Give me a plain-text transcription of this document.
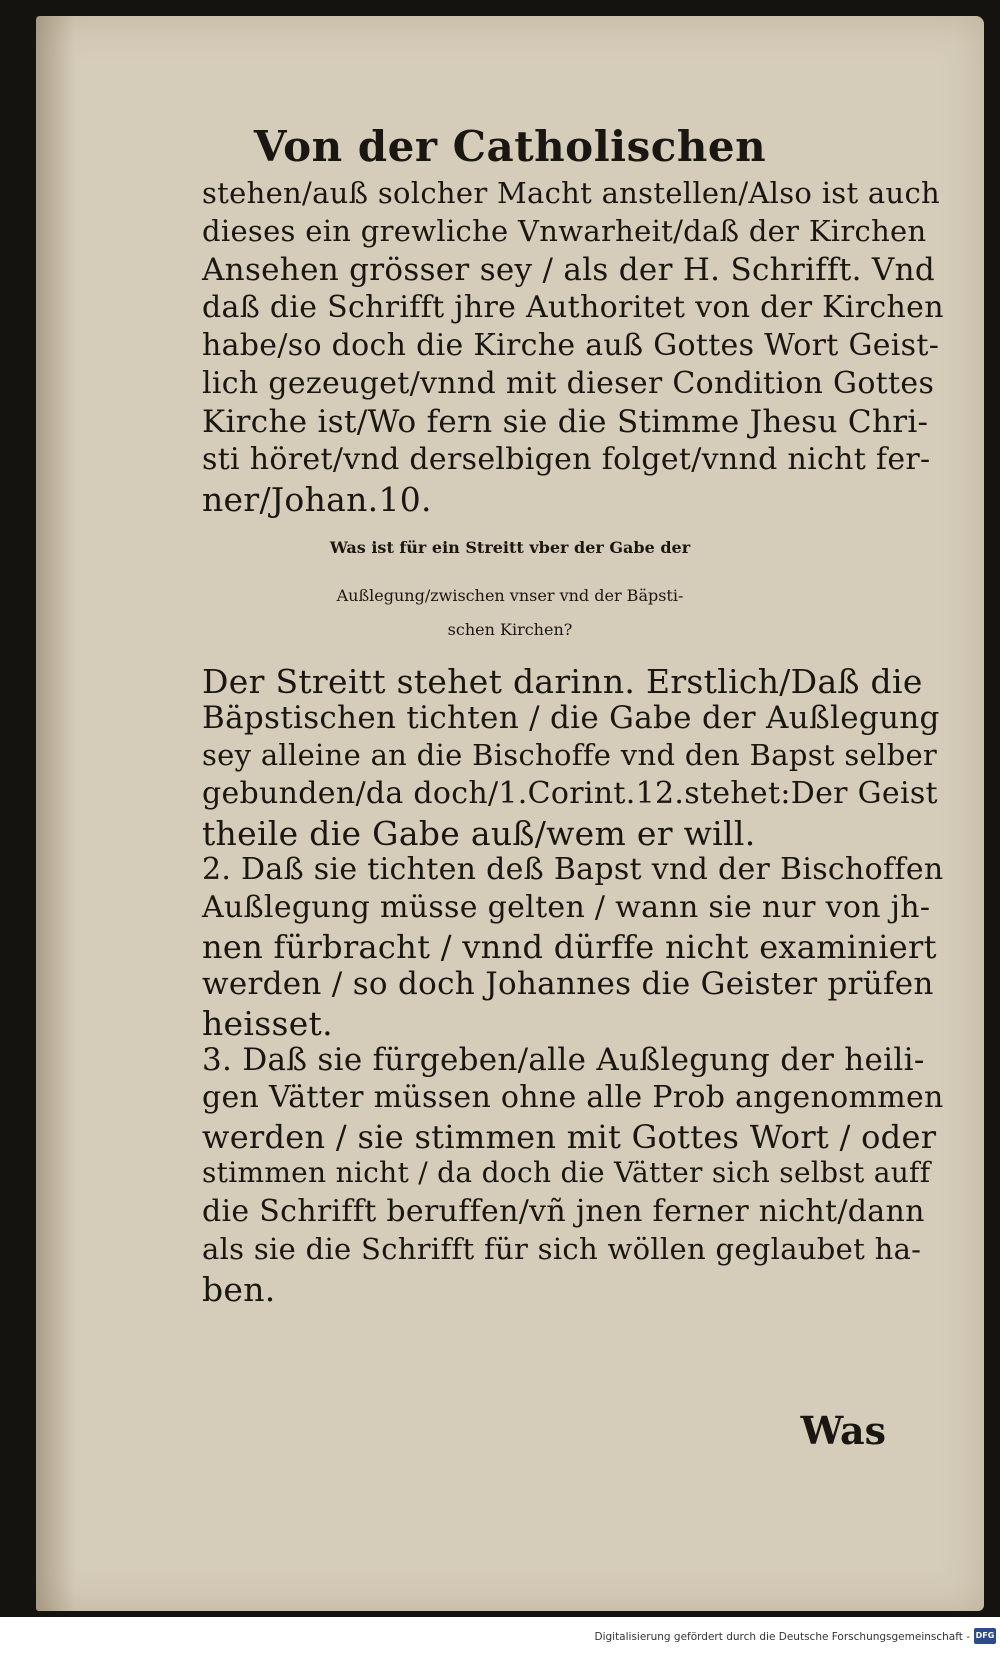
Von der Catholischen
stehen/auß solcher Macht anstellen/Also ist auch
dieses ein grewliche Vnwarheit/daß der Kirchen
Ansehen grösser sey / als der H. Schrifft. Vnd
daß die Schrifft jhre Authoritet von der Kirchen
habe/so doch die Kirche auß Gottes Wort Geist-
lich gezeuget/vnnd mit dieser Condition Gottes
Kirche ist/Wo fern sie die Stimme Jhesu Chri-
sti höret/vnd derselbigen folget/vnnd nicht fer-
ner/Johan.10.
Was ist für ein Streitt vber der Gabe der
Außlegung/zwischen vnser vnd der Bäpsti-
schen Kirchen?
Der Streitt stehet darinn. Erstlich/Daß die
Bäpstischen tichten / die Gabe der Außlegung
sey alleine an die Bischoffe vnd den Bapst selber
gebunden/da doch/1.Corint.12.stehet:Der Geist
theile die Gabe auß/wem er will.
2. Daß sie tichten deß Bapst vnd der Bischoffen
Außlegung müsse gelten / wann sie nur von jh-
nen fürbracht / vnnd dürffe nicht examiniert
werden / so doch Johannes die Geister prüfen
heisset.
3. Daß sie fürgeben/alle Außlegung der heili-
gen Vätter müssen ohne alle Prob angenommen
werden / sie stimmen mit Gottes Wort / oder
stimmen nicht / da doch die Vätter sich selbst auff
die Schrifft beruffen/vñ jnen ferner nicht/dann
als sie die Schrifft für sich wöllen geglaubet ha-
ben.
Was
Digitalisierung gefördert durch die Deutsche Forschungsgemeinschaft - DFG
